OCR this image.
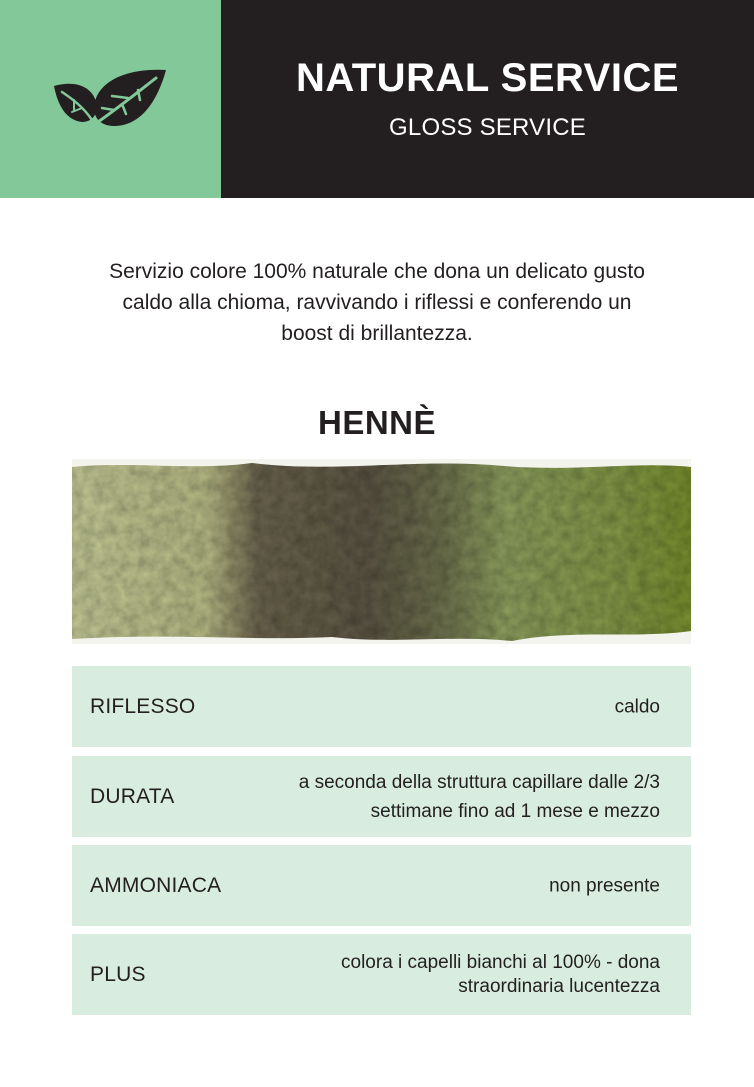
NATURAL SERVICE
GLOSS SERVICE
Servizio colore 100% naturale che dona un delicato gusto caldo alla chioma, ravvivando i riflessi e conferendo un boost di brillantezza.
HENNÈ
RIFLESSO	caldo
DURATA
a seconda della struttura capillare dalle 2/3 settimane fino ad 1 mese e mezzo
AMMONIACA	non presente
PLUS
colora i capelli bianchi al 100% - dona straordinaria lucentezza
